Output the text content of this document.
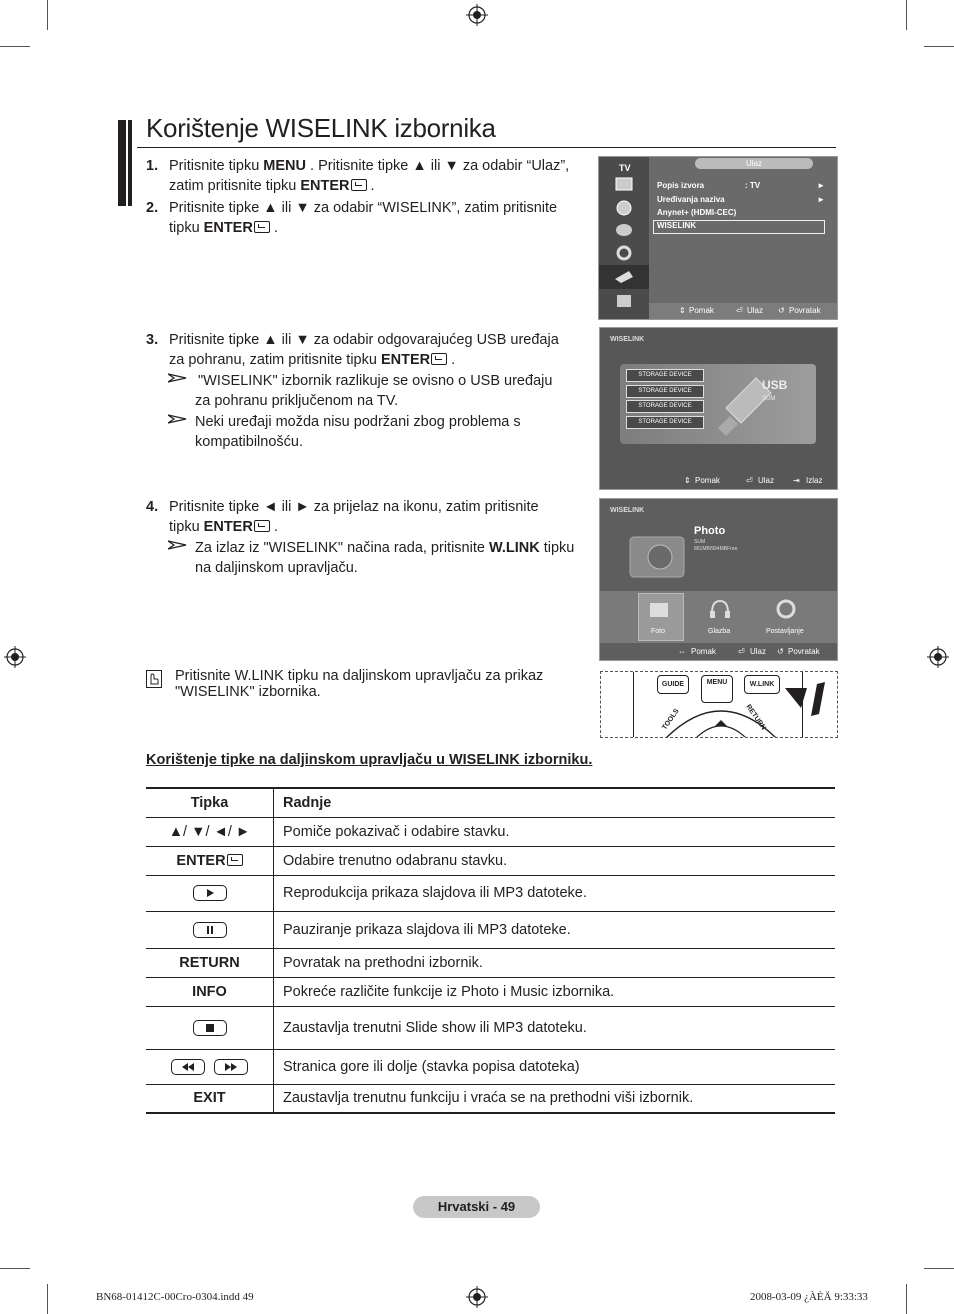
Korištenje WISELINK izbornika
1. Pritisnite tipku MENU . Pritisnite tipke ▲ ili ▼ za odabir “Ulaz”,
zatim pritisnite tipku ENTER .
2. Pritisnite tipke ▲ ili ▼ za odabir “WISELINK”, zatim pritisnite
tipku ENTER .
3. Pritisnite tipke ▲ ili ▼ za odabir odgovarajućeg USB uređaja
za pohranu, zatim pritisnite tipku ENTER .
"WISELINK" izbornik razlikuje se ovisno o USB uređaju
za pohranu priključenom na TV.
Neki uređaji možda nisu podržani zbog problema s
kompatibilnošću.
4. Pritisnite tipke ◄ ili ► za prijelaz na ikonu, zatim pritisnite
tipku ENTER .
Za izlaz iz "WISELINK" načina rada, pritisnite W.LINK tipku
na daljinskom upravljaču.
Pritisnite W.LINK tipku na daljinskom upravljaču za prikaz
"WISELINK" izbornika.
TV	Ulaz
Popis izvora	: TV	►
Uređivanja naziva	►
Anynet+ (HDMI-CEC)
WISELINK
⇕ Pomak	⏎ Ulaz ↺ Povratak
WISELINK
USB
SUM
STORAGE DEVICE
STORAGE DEVICE
STORAGE DEVICE
STORAGE DEVICE
⇕ Pomak	⏎ Ulaz ⇥ Izlaz
WISELINK
Photo
SUM
861MB/994MBFree
Foto	Glazba	Postavljanje
⇔ Pomak	⏎ Ulaz ↺ Povratak
GUIDE	MENU	W.LINK
TOOLS	RETURN
Korištenje tipke na daljinskom upravljaču u WISELINK izborniku.
Tipka	Radnje
▲/ ▼/ ◄/ ►	Pomiče pokazivač i odabire stavku.
ENTER	Odabire trenutno odabranu stavku.

	Reprodukcija prikaza slajdova ili MP3 datoteke.

	Pauziranje prikaza slajdova ili MP3 datoteke.
RETURN	Povratak na prethodni izbornik.
INFO	Pokreće različite funkcije iz Photo i Music izbornika.

	Zaustavlja trenutni Slide show ili MP3 datoteku.

	Stranica gore ili dolje (stavka popisa datoteka)
EXIT	Zaustavlja trenutnu funkciju i vraća se na prethodni viši izbornik.
Hrvatski - 49
BN68-01412C-00Cro-0304.indd 49	2008-03-09 ¿ÀÈÄ 9:33:33
